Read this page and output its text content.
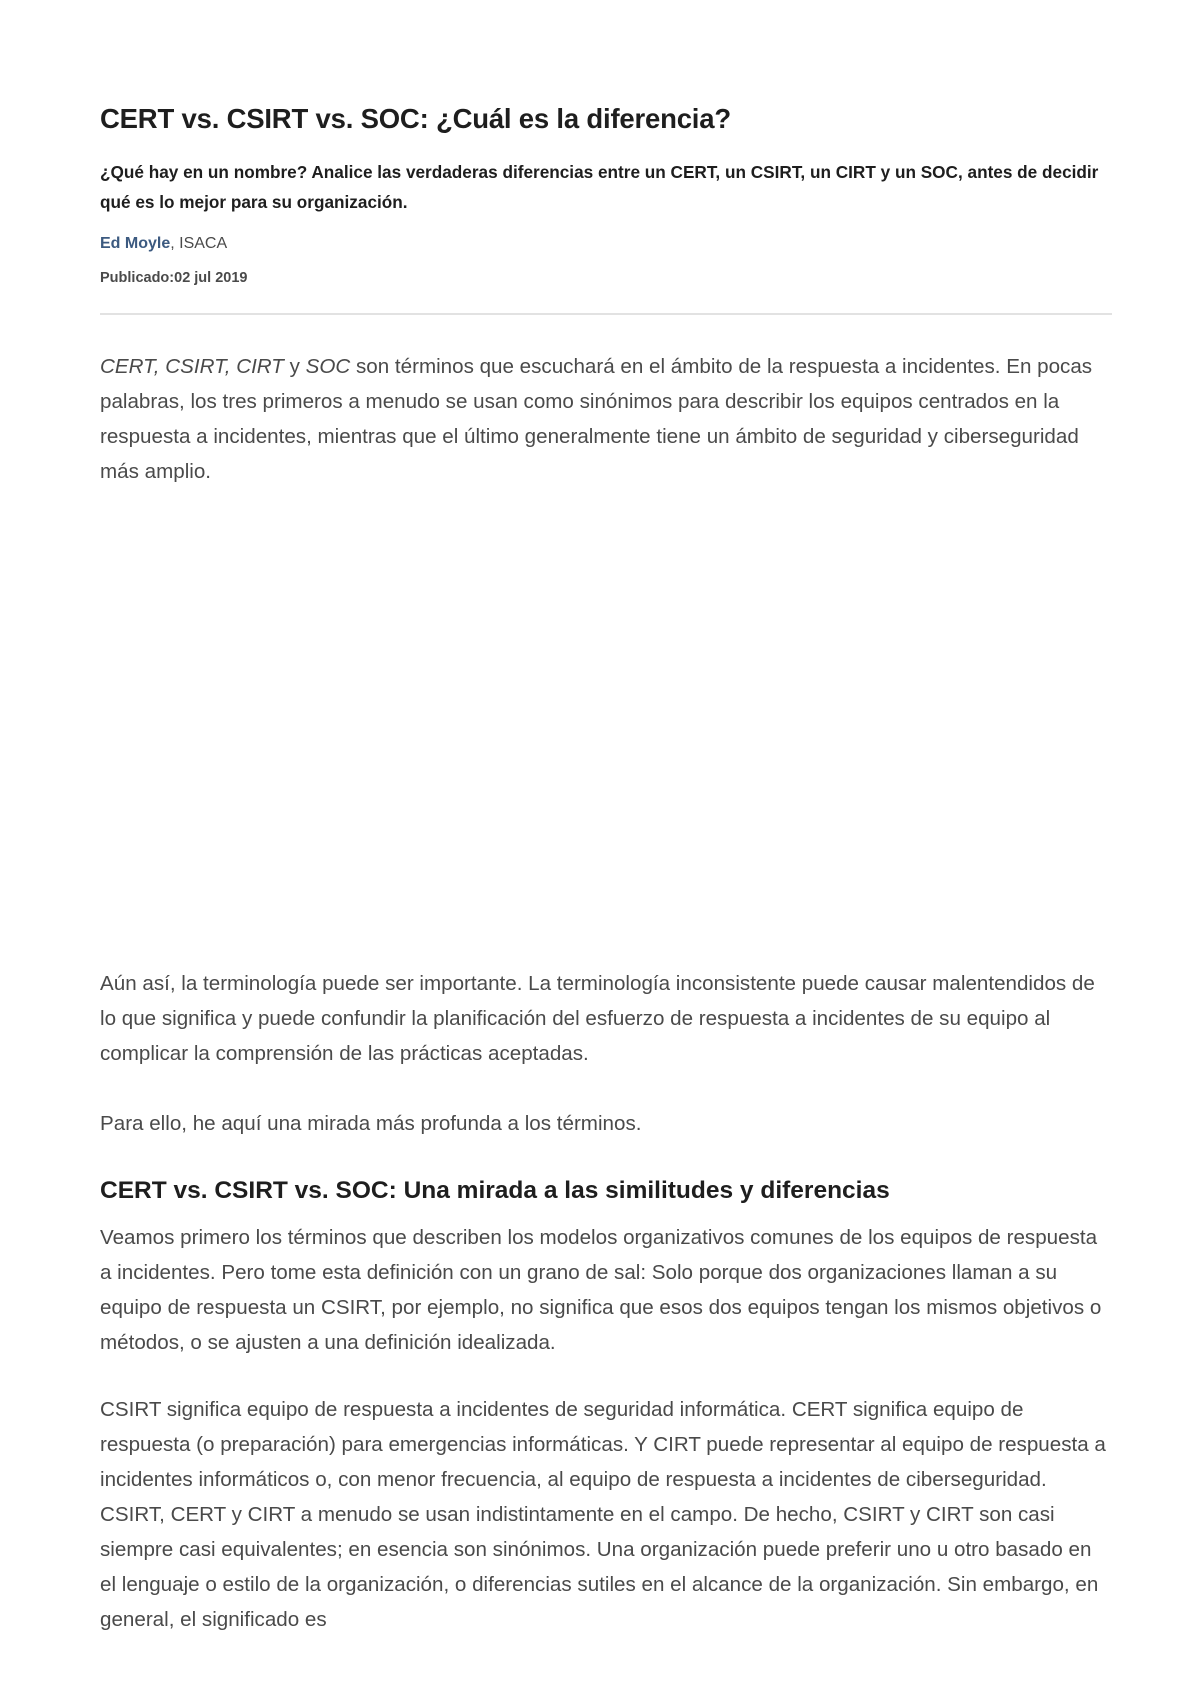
CERT vs. CSIRT vs. SOC: ¿Cuál es la diferencia?

¿Qué hay en un nombre? Analice las verdaderas diferencias entre un CERT, un CSIRT, un CIRT y un SOC, antes de decidir qué es lo mejor para su organización.

Ed Moyle, ISACA
Publicado:02 jul 2019

CERT, CSIRT, CIRT y SOC son términos que escuchará en el ámbito de la respuesta a incidentes. En pocas palabras, los tres primeros a menudo se usan como sinónimos para describir los equipos centrados en la respuesta a incidentes, mientras que el último generalmente tiene un ámbito de seguridad y ciberseguridad más amplio.

Aún así, la terminología puede ser importante. La terminología inconsistente puede causar malentendidos de lo que significa y puede confundir la planificación del esfuerzo de respuesta a incidentes de su equipo al complicar la comprensión de las prácticas aceptadas.

Para ello, he aquí una mirada más profunda a los términos.

CERT vs. CSIRT vs. SOC: Una mirada a las similitudes y diferencias

Veamos primero los términos que describen los modelos organizativos comunes de los equipos de respuesta a incidentes. Pero tome esta definición con un grano de sal: Solo porque dos organizaciones llaman a su equipo de respuesta un CSIRT, por ejemplo, no significa que esos dos equipos tengan los mismos objetivos o métodos, o se ajusten a una definición idealizada.

CSIRT significa equipo de respuesta a incidentes de seguridad informática. CERT significa equipo de respuesta (o preparación) para emergencias informáticas. Y CIRT puede representar al equipo de respuesta a incidentes informáticos o, con menor frecuencia, al equipo de respuesta a incidentes de ciberseguridad. CSIRT, CERT y CIRT a menudo se usan indistintamente en el campo. De hecho, CSIRT y CIRT son casi siempre casi equivalentes; en esencia son sinónimos. Una organización puede preferir uno u otro basado en el lenguaje o estilo de la organización, o diferencias sutiles en el alcance de la organización. Sin embargo, en general, el significado es
